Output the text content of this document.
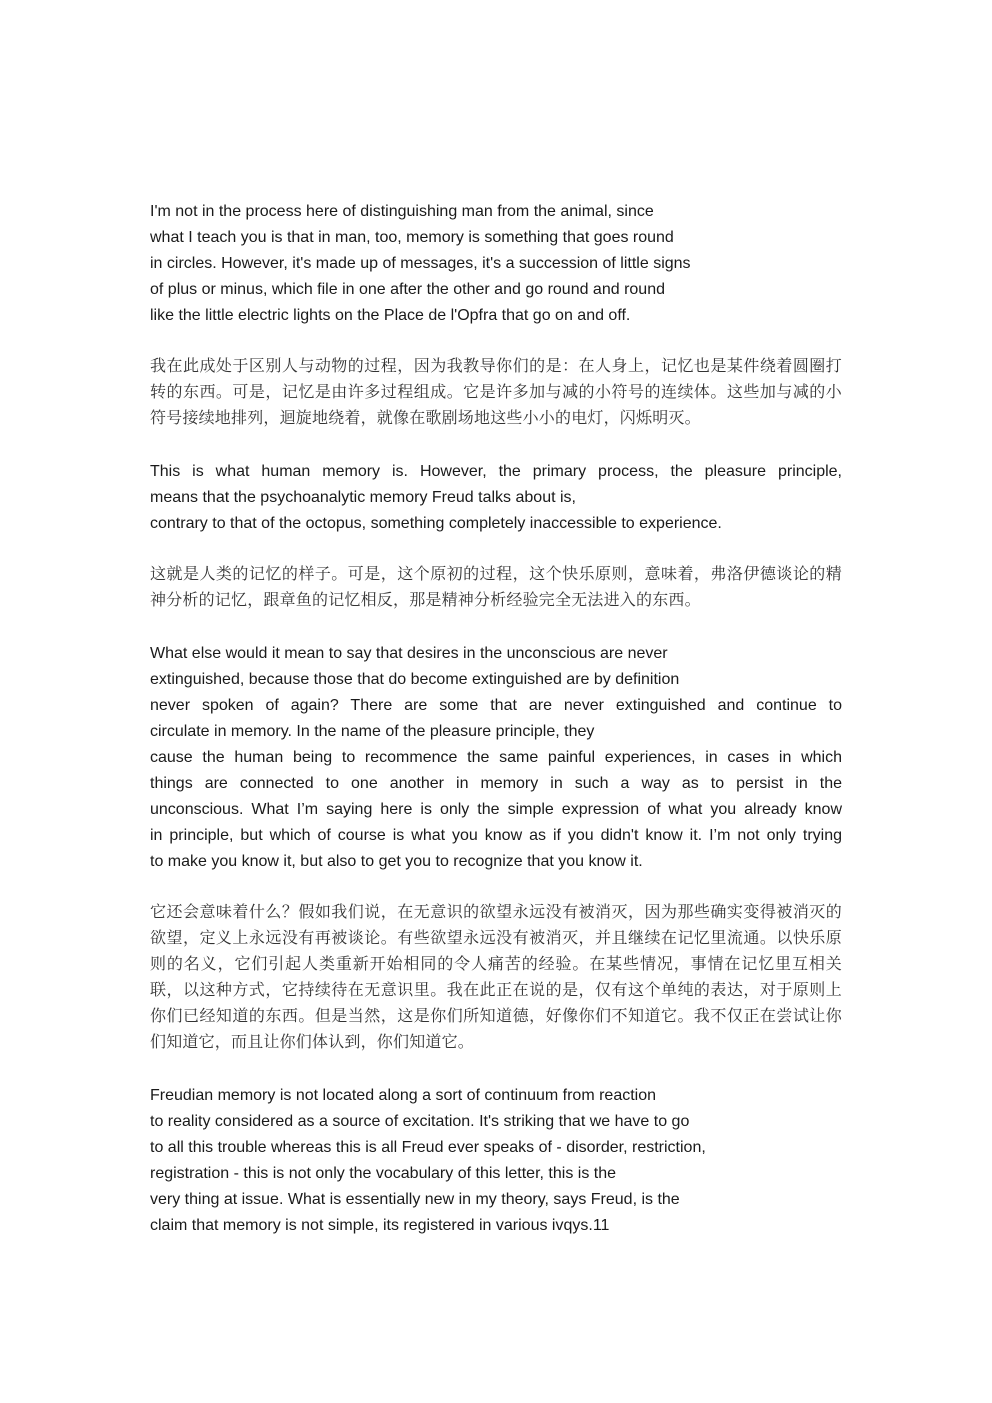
I'm not in the process here of distinguishing man from the animal, since
what I teach you is that in man, too, memory is something that goes round
in circles. However, it's made up of messages, it's a succession of little signs
of plus or minus, which file in one after the other and go round and round
like the little electric lights on the Place de l'Opfra that go on and off.

我在此成处于区别人与动物的过程，因为我教导你们的是：在人身上，记忆也是某件绕着圆圈打转的东西。可是，记忆是由许多过程组成。它是许多加与减的小符号的连续体。这些加与减的小符号接续地排列，迴旋地绕着，就像在歌剧场地这些小小的电灯，闪烁明灭。

This is what human memory is. However, the primary process, the pleasure principle,
means that the psychoanalytic memory Freud talks about is,
contrary to that of the octopus, something completely inaccessible to experience.

这就是人类的记忆的样子。可是，这个原初的过程，这个快乐原则，意味着，弗洛伊德谈论的精神分析的记忆，跟章鱼的记忆相反，那是精神分析经验完全无法进入的东西。

What else would it mean to say that desires in the unconscious are never
extinguished, because those that do become extinguished are by definition
never spoken of again? There are some that are never extinguished and continue to
circulate in memory. In the name of the pleasure principle, they
cause the human being to recommence the same painful experiences, in cases in which
things are connected to one another in memory in such a way as to persist in the
unconscious. What I’m saying here is only the simple expression of what you already know
in principle, but which of course is what you know as if you didn't know it. I’m not only trying
to make you know it, but also to get you to recognize that you know it.

它还会意味着什么？假如我们说，在无意识的欲望永远没有被消灭，因为那些确实变得被消灭的欲望，定义上永远没有再被谈论。有些欲望永远没有被消灭，并且继续在记忆里流通。以快乐原则的名义，它们引起人类重新开始相同的令人痛苦的经验。在某些情况，事情在记忆里互相关联，以这种方式，它持续待在无意识里。我在此正在说的是，仅有这个单纯的表达，对于原则上你们已经知道的东西。但是当然，这是你们所知道德，好像你们不知道它。我不仅正在尝试让你们知道它，而且让你们体认到，你们知道它。

Freudian memory is not located along a sort of continuum from reaction
to reality considered as a source of excitation. It's striking that we have to go
to all this trouble whereas this is all Freud ever speaks of - disorder, restriction,
registration - this is not only the vocabulary of this letter, this is the
very thing at issue. What is essentially new in my theory, says Freud, is the
claim that memory is not simple, its registered in various ivqys.11
